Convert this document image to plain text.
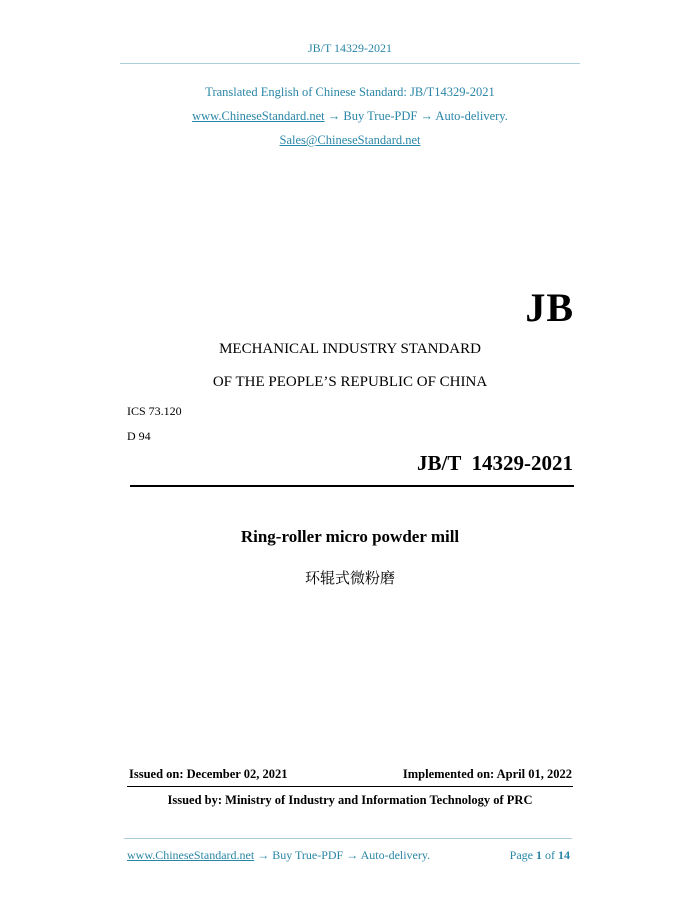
JB/T 14329-2021
Translated English of Chinese Standard: JB/T14329-2021
www.ChineseStandard.net → Buy True-PDF → Auto-delivery.
Sales@ChineseStandard.net
JB
MECHANICAL INDUSTRY STANDARD
OF THE PEOPLE’S REPUBLIC OF CHINA
ICS 73.120
D 94
JB/T  14329-2021
Ring-roller micro powder mill
环辊式微粉磨
Issued on: December 02, 2021	Implemented on: April 01, 2022
Issued by: Ministry of Industry and Information Technology of PRC
www.ChineseStandard.net → Buy True-PDF → Auto-delivery.	Page 1 of 14
